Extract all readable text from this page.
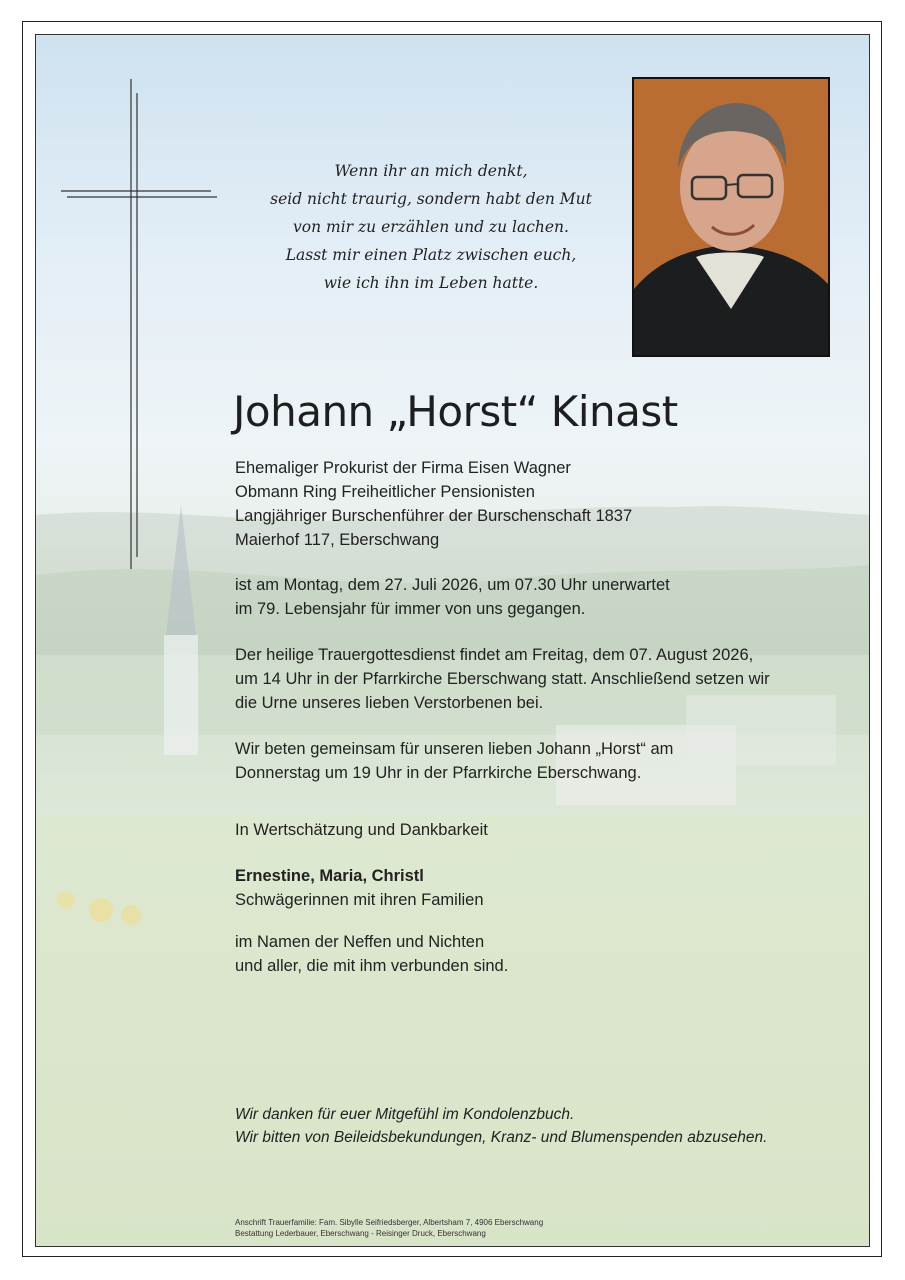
Wenn ihr an mich denkt,
seid nicht traurig, sondern habt den Mut
von mir zu erzählen und zu lachen.
Lasst mir einen Platz zwischen euch,
wie ich ihn im Leben hatte.
Johann „Horst“ Kinast
Ehemaliger Prokurist der Firma Eisen Wagner
Obmann Ring Freiheitlicher Pensionisten
Langjähriger Burschenführer der Burschenschaft 1837
Maierhof 117, Eberschwang
ist am Montag, dem 27. Juli 2026, um 07.30 Uhr unerwartet
im 79. Lebensjahr für immer von uns gegangen.
Der heilige Trauergottesdienst findet am Freitag, dem 07. August 2026,
um 14 Uhr in der Pfarrkirche Eberschwang statt. Anschließend setzen wir
die Urne unseres lieben Verstorbenen bei.
Wir beten gemeinsam für unseren lieben Johann „Horst“ am
Donnerstag um 19 Uhr in der Pfarrkirche Eberschwang.
In Wertschätzung und Dankbarkeit
Ernestine, Maria, Christl
Schwägerinnen mit ihren Familien
im Namen der Neffen und Nichten
und aller, die mit ihm verbunden sind.
Wir danken für euer Mitgefühl im Kondolenzbuch.
Wir bitten von Beileidsbekundungen, Kranz- und Blumenspenden abzusehen.
Anschrift Trauerfamilie: Fam. Sibylle Seifriedsberger, Albertsham 7, 4906 Eberschwang
Bestattung Lederbauer, Eberschwang - Reisinger Druck, Eberschwang
